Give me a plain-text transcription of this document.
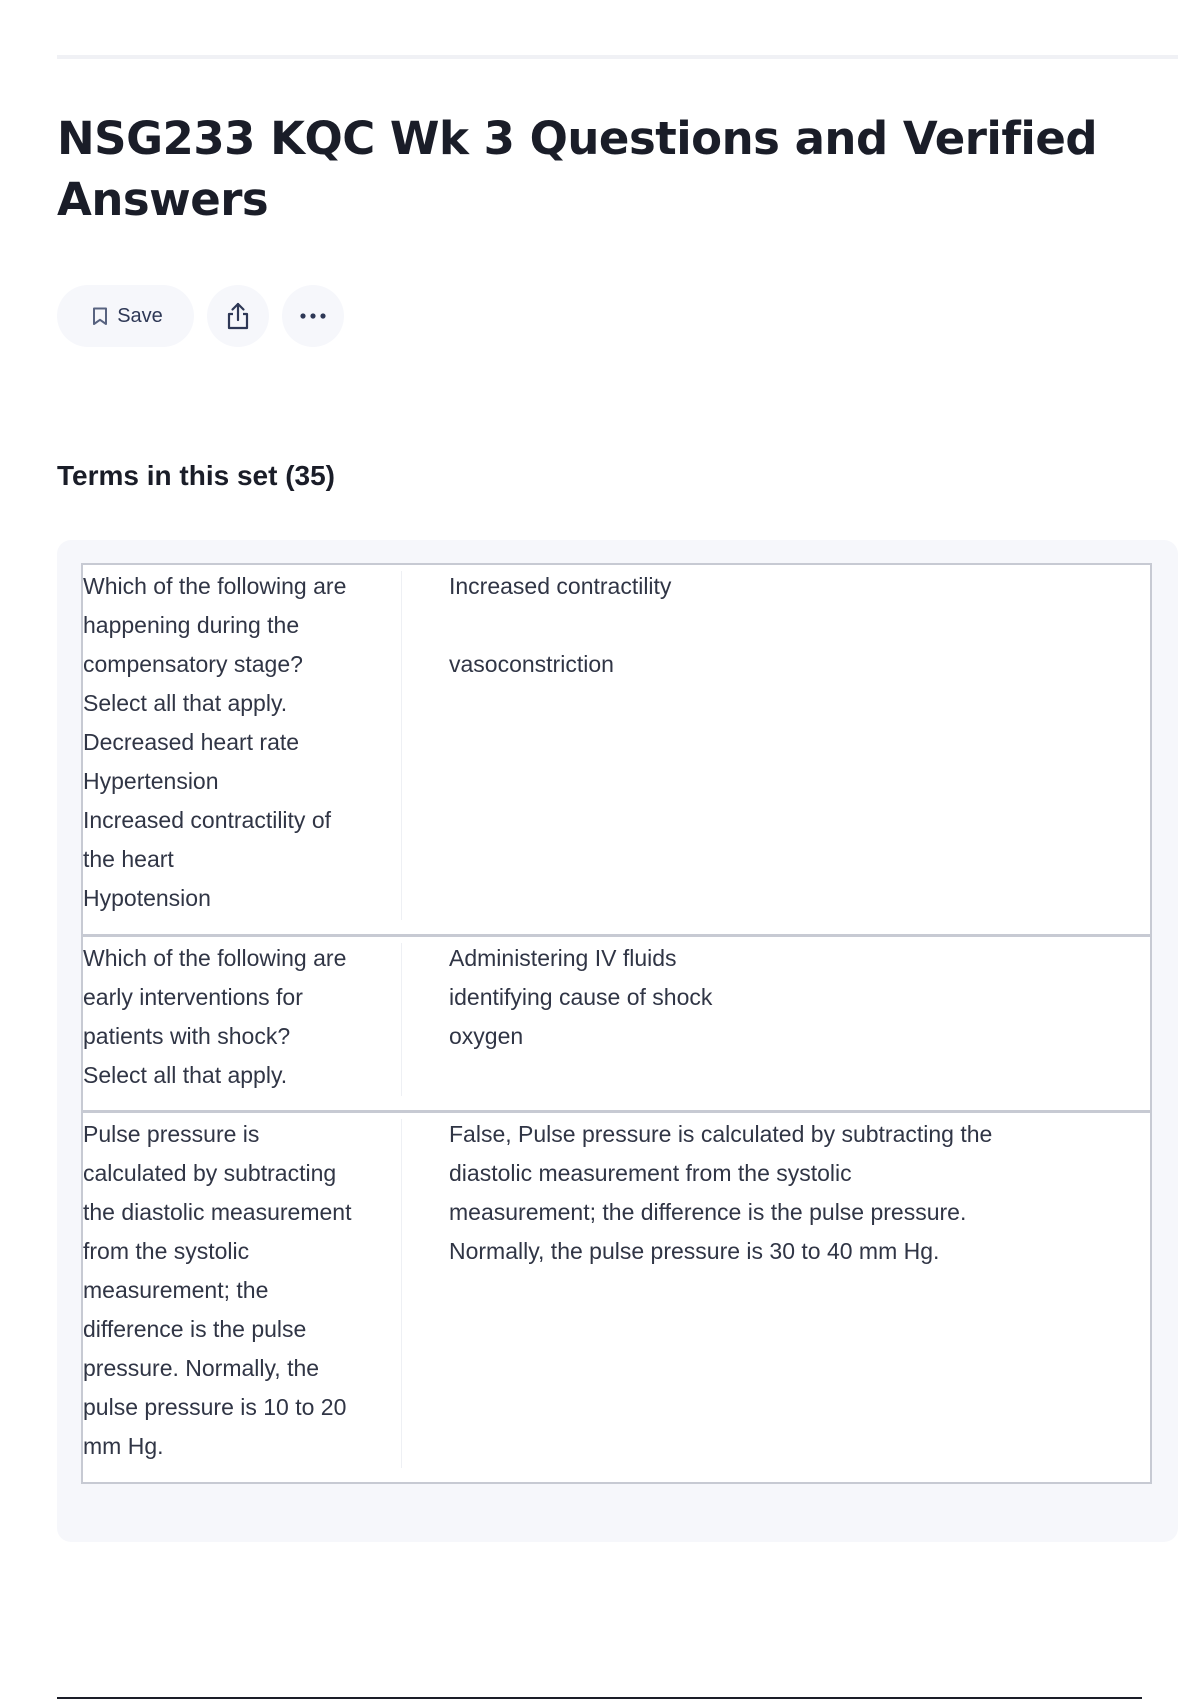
NSG233 KQC Wk 3 Questions and Verified
Answers
Save
Terms in this set (35)
Which of the following are
happening during the
compensatory stage?
Select all that apply.
Decreased heart rate
Hypertension
Increased contractility of
the heart
Hypotension
Increased contractility

vasoconstriction
Which of the following are
early interventions for
patients with shock?
Select all that apply.
Administering IV fluids
identifying cause of shock
oxygen
Pulse pressure is
calculated by subtracting
the diastolic measurement
from the systolic
measurement; the
difference is the pulse
pressure. Normally, the
pulse pressure is 10 to 20
mm Hg.
False, Pulse pressure is calculated by subtracting the
diastolic measurement from the systolic
measurement; the difference is the pulse pressure.
Normally, the pulse pressure is 30 to 40 mm Hg.
